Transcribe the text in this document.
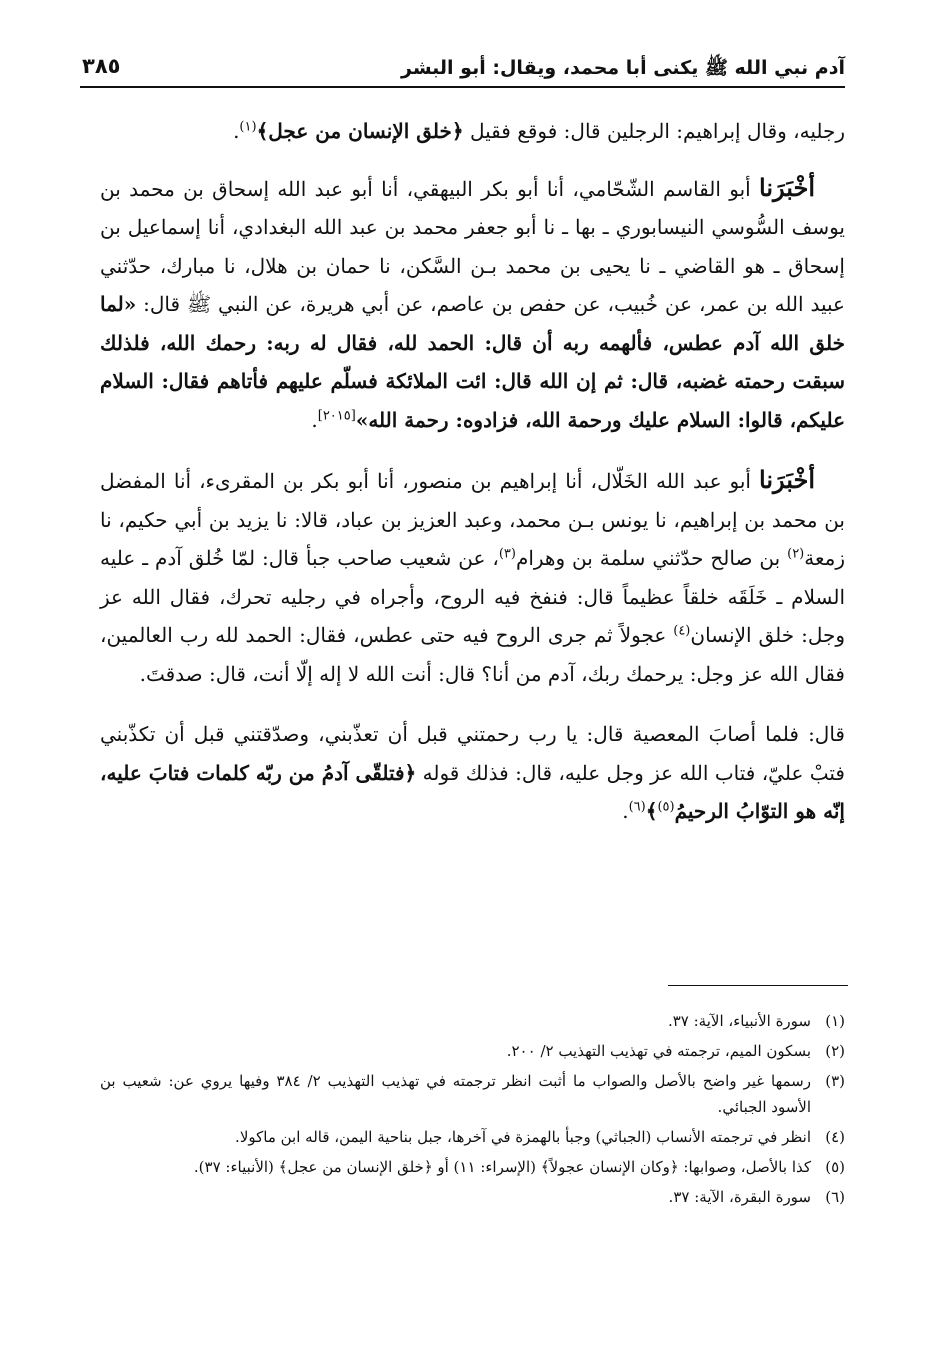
آدم نبي الله ﷺ يكنى أبا محمد، ويقال: أبو البشر
٣٨٥

رجليه، وقال إبراهيم: الرجلين قال: فوقع فقيل ﴿خلق الإنسان من عجل﴾$^{(١)}$.

أخْبَرَنا أبو القاسم الشّحّامي، أنا أبو بكر البيهقي، أنا أبو عبد الله إسحاق بن محمد بن يوسف السُّوسي النيسابوري ـ بها ـ نا أبو جعفر محمد بن عبد الله البغدادي، أنا إسماعيل بن إسحاق ـ هو القاضي ـ نا يحيى بن محمد بـن السَّكن، نا حمان بن هلال، نا مبارك، حدّثني عبيد الله بن عمر، عن خُبيب، عن حفص بن عاصم، عن أبي هريرة، عن النبي ﷺ قال: «لما خلق الله آدم عطس، فألهمه ربه أن قال: الحمد لله، فقال له ربه: رحمك الله، فلذلك سبقت رحمته غضبه، قال: ثم إن الله قال: ائت الملائكة فسلّم عليهم فأتاهم فقال: السلام عليكم، قالوا: السلام عليك ورحمة الله، فزادوه: رحمة الله»[٢٠١٥].

أخْبَرَنا أبو عبد الله الخَلّال، أنا إبراهيم بن منصور، أنا أبو بكر بن المقرىء، أنا المفضل بن محمد بن إبراهيم، نا يونس بـن محمد، وعبد العزيز بن عباد، قالا: نا يزيد بن أبي حكيم، نا زمعة$^{(٢)}$ بن صالح حدّثني سلمة بن وهرام$^{(٣)}$، عن شعيب صاحب جبأ قال: لمّا خُلق آدم ـ عليه السلام ـ خَلَقَه خلقاً عظيماً قال: فنفخ فيه الروح، وأجراه في رجليه تحرك، فقال الله عز وجل: خلق الإنسان$^{(٤)}$ عجولاً ثم جرى الروح فيه حتى عطس، فقال: الحمد لله رب العالمين، فقال الله عز وجل: يرحمك ربك، آدم من أنا؟ قال: أنت الله لا إله إلّا أنت، قال: صدقتَ.

قال: فلما أصابَ المعصية قال: يا رب رحمتني قبل أن تعذّبني، وصدّقتني قبل أن تكذّبني فتبْ عليّ، فتاب الله عز وجل عليه، قال: فذلك قوله ﴿فتلقّى آدمُ من ربّه كلمات فتابَ عليه، إنّه هو التوّابُ الرحيمُ$^{(٥)}$﴾$^{(٦)}$.

(١)
سورة الأنبياء، الآية: ٣٧.
(٢)
بسكون الميم، ترجمته في تهذيب التهذيب ٢/ ٢٠٠.
(٣)
رسمها غير واضح بالأصل والصواب ما أثبت انظر ترجمته في تهذيب التهذيب ٢/ ٣٨٤ وفيها يروي عن: شعيب بن الأسود الجبائي.
(٤)
انظر في ترجمته الأنساب (الجباثي) وجبأ بالهمزة في آخرها، جبل بناحية اليمن، قاله ابن ماكولا.
(٥)
كذا بالأصل، وصوابها: ﴿وكان الإنسان عجولاً﴾ (الإسراء: ١١) أو ﴿خلق الإنسان من عجل﴾ (الأنبياء: ٣٧).
(٦)
سورة البقرة، الآية: ٣٧.
